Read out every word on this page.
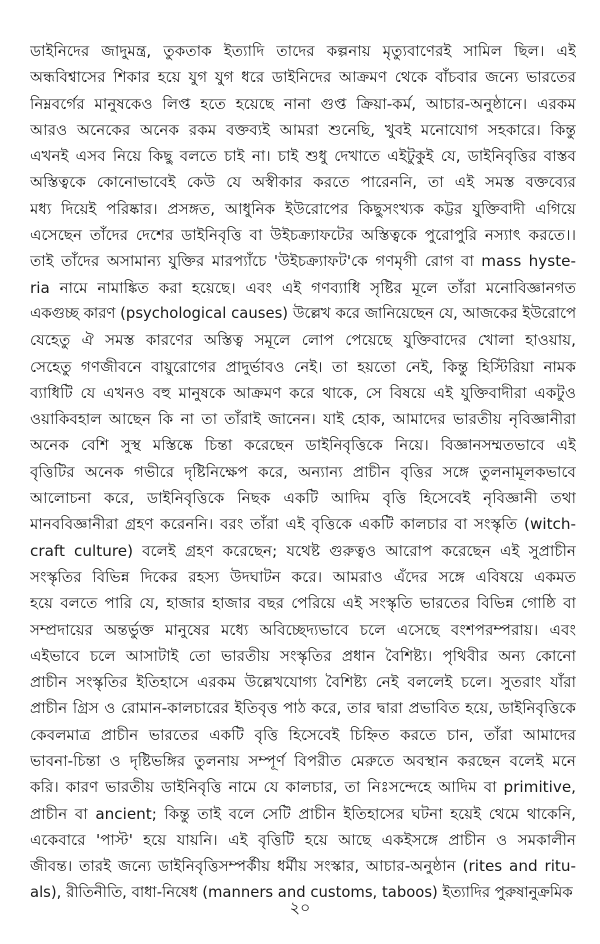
ডাইনিদের জাদুমন্ত্র, তুকতাক ইত্যাদি তাদের কল্পনায় মৃত্যুবাণেরই সামিল ছিল। এই
অন্ধবিশ্বাসের শিকার হয়ে যুগ যুগ ধরে ডাইনিদের আক্রমণ থেকে বাঁচবার জন্যে ভারতের
নিম্নবর্গের মানুষকেও লিপ্ত হতে হয়েছে নানা গুপ্ত ক্রিয়া-কর্ম, আচার-অনুষ্ঠানে। এরকম
আরও অনেকের অনেক রকম বক্তব্যই আমরা শুনেছি, খুবই মনোযোগ সহকারে। কিন্তু
এখনই এসব নিয়ে কিছু বলতে চাই না। চাই শুধু দেখাতে এইটুকুই যে, ডাইনিবৃত্তির বাস্তব
অস্তিত্বকে কোনোভাবেই কেউ যে অস্বীকার করতে পারেননি, তা এই সমস্ত বক্তব্যের
মধ্য দিয়েই পরিষ্কার। প্রসঙ্গত, আধুনিক ইউরোপের কিছুসংখ্যক কট্টর যুক্তিবাদী এগিয়ে
এসেছেন তাঁদের দেশের ডাইনিবৃত্তি বা উইচক্র্যাফটের অস্তিত্বকে পুরোপুরি নস্যাৎ করতে।।
তাই তাঁদের অসামান্য যুক্তির মারপ্যাঁচে 'উইচক্র্যাফট'কে গণমৃগী রোগ বা mass hyste-
ria নামে নামাঙ্কিত করা হয়েছে। এবং এই গণব্যাধি সৃষ্টির মূলে তাঁরা মনোবিজ্ঞানগত
একগুচ্ছ কারণ (psychological causes) উল্লেখ করে জানিয়েছেন যে, আজকের ইউরোপে
যেহেতু ঐ সমস্ত কারণের অস্তিত্ব সমূলে লোপ পেয়েছে যুক্তিবাদের খোলা হাওয়ায়,
সেহেতু গণজীবনে বায়ুরোগের প্রাদুর্ভাবও নেই। তা হয়তো নেই, কিন্তু হিস্টিরিয়া নামক
ব্যাধিটি যে এখনও বহু মানুষকে আক্রমণ করে থাকে, সে বিষয়ে এই যুক্তিবাদীরা একটুও
ওয়াকিবহাল আছেন কি না তা তাঁরাই জানেন। যাই হোক, আমাদের ভারতীয় নৃবিজ্ঞানীরা
অনেক বেশি সুস্থ মস্তিষ্কে চিন্তা করেছেন ডাইনিবৃত্তিকে নিয়ে। বিজ্ঞানসম্মতভাবে এই
বৃত্তিটির অনেক গভীরে দৃষ্টিনিক্ষেপ করে, অন্যান্য প্রাচীন বৃত্তির সঙ্গে তুলনামূলকভাবে
আলোচনা করে, ডাইনিবৃত্তিকে নিছক একটি আদিম বৃত্তি হিসেবেই নৃবিজ্ঞানী তথা
মানববিজ্ঞানীরা গ্রহণ করেননি। বরং তাঁরা এই বৃত্তিকে একটি কালচার বা সংস্কৃতি (witch-
craft culture) বলেই গ্রহণ করেছেন; যথেষ্ট গুরুত্বও আরোপ করেছেন এই সুপ্রাচীন
সংস্কৃতির বিভিন্ন দিকের রহস্য উদঘাটন করে। আমরাও এঁদের সঙ্গে এবিষয়ে একমত
হয়ে বলতে পারি যে, হাজার হাজার বছর পেরিয়ে এই সংস্কৃতি ভারতের বিভিন্ন গোষ্ঠি বা
সম্প্রদায়ের অন্তর্ভুক্ত মানুষের মধ্যে অবিচ্ছেদ্যভাবে চলে এসেছে বংশপরম্পরায়। এবং
এইভাবে চলে আসাটাই তো ভারতীয় সংস্কৃতির প্রধান বৈশিষ্ট্য। পৃথিবীর অন্য কোনো
প্রাচীন সংস্কৃতির ইতিহাসে এরকম উল্লেখযোগ্য বৈশিষ্ট্য নেই বললেই চলে। সুতরাং যাঁরা
প্রাচীন গ্রিস ও রোমান-কালচারের ইতিবৃত্ত পাঠ করে, তার দ্বারা প্রভাবিত হয়ে, ডাইনিবৃত্তিকে
কেবলমাত্র প্রাচীন ভারতের একটি বৃত্তি হিসেবেই চিহ্নিত করতে চান, তাঁরা আমাদের
ভাবনা-চিন্তা ও দৃষ্টিভঙ্গির তুলনায় সম্পূর্ণ বিপরীত মেরুতে অবস্থান করছেন বলেই মনে
করি। কারণ ভারতীয় ডাইনিবৃত্তি নামে যে কালচার, তা নিঃসন্দেহে আদিম বা primitive,
প্রাচীন বা ancient; কিন্তু তাই বলে সেটি প্রাচীন ইতিহাসের ঘটনা হয়েই থেমে থাকেনি,
একেবারে 'পাস্ট' হয়ে যায়নি। এই বৃত্তিটি হয়ে আছে একইসঙ্গে প্রাচীন ও সমকালীন
জীবন্ত। তারই জন্যে ডাইনিবৃত্তিসম্পর্কীয় ধর্মীয় সংস্কার, আচার-অনুষ্ঠান (rites and ritu-
als), রীতিনীতি, বাধা-নিষেধ (manners and customs, taboos) ইত্যাদির পুরুষানুক্রমিক
২০
